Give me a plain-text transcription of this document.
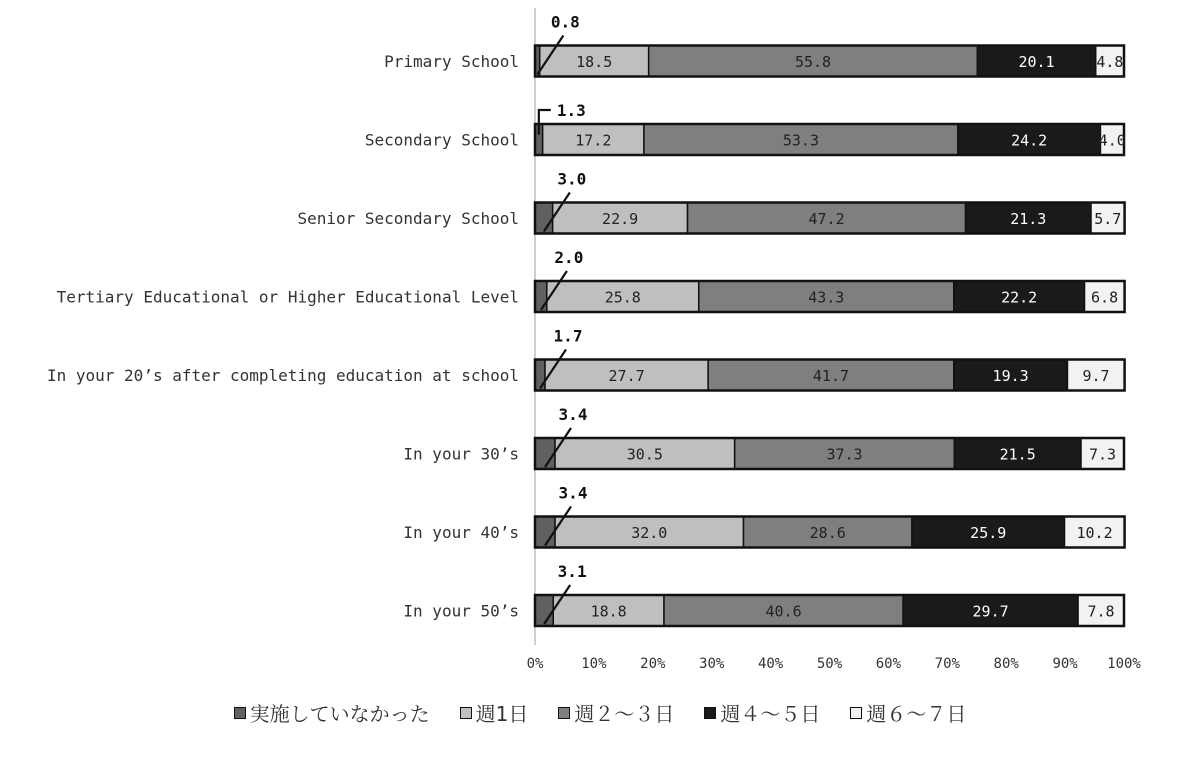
0%	10% 20% 30% 40% 50% 60% 70% 80% 90% 100%
Primary School	18.5	55.8	20.1	4.8
0.8
Secondary School	17.2	53.3	24.2	4.0
1.3
Senior Secondary School	22.9	47.2	21.3	5.7
3.0
Tertiary Educational or Higher Educational Level	25.8	43.3	22.2	6.8
2.0
In your 20’s after completing education at school	27.7	41.7	19.3	9.7
1.7
In your 30’s	30.5	37.3	21.5	7.3
3.4
In your 40’s	32.0	28.6	25.9	10.2
3.4
In your 50’s	18.8	40.6	29.7	7.8
3.1
実施していなかった 週1日 週２～３日 週４～５日 週６～７日
